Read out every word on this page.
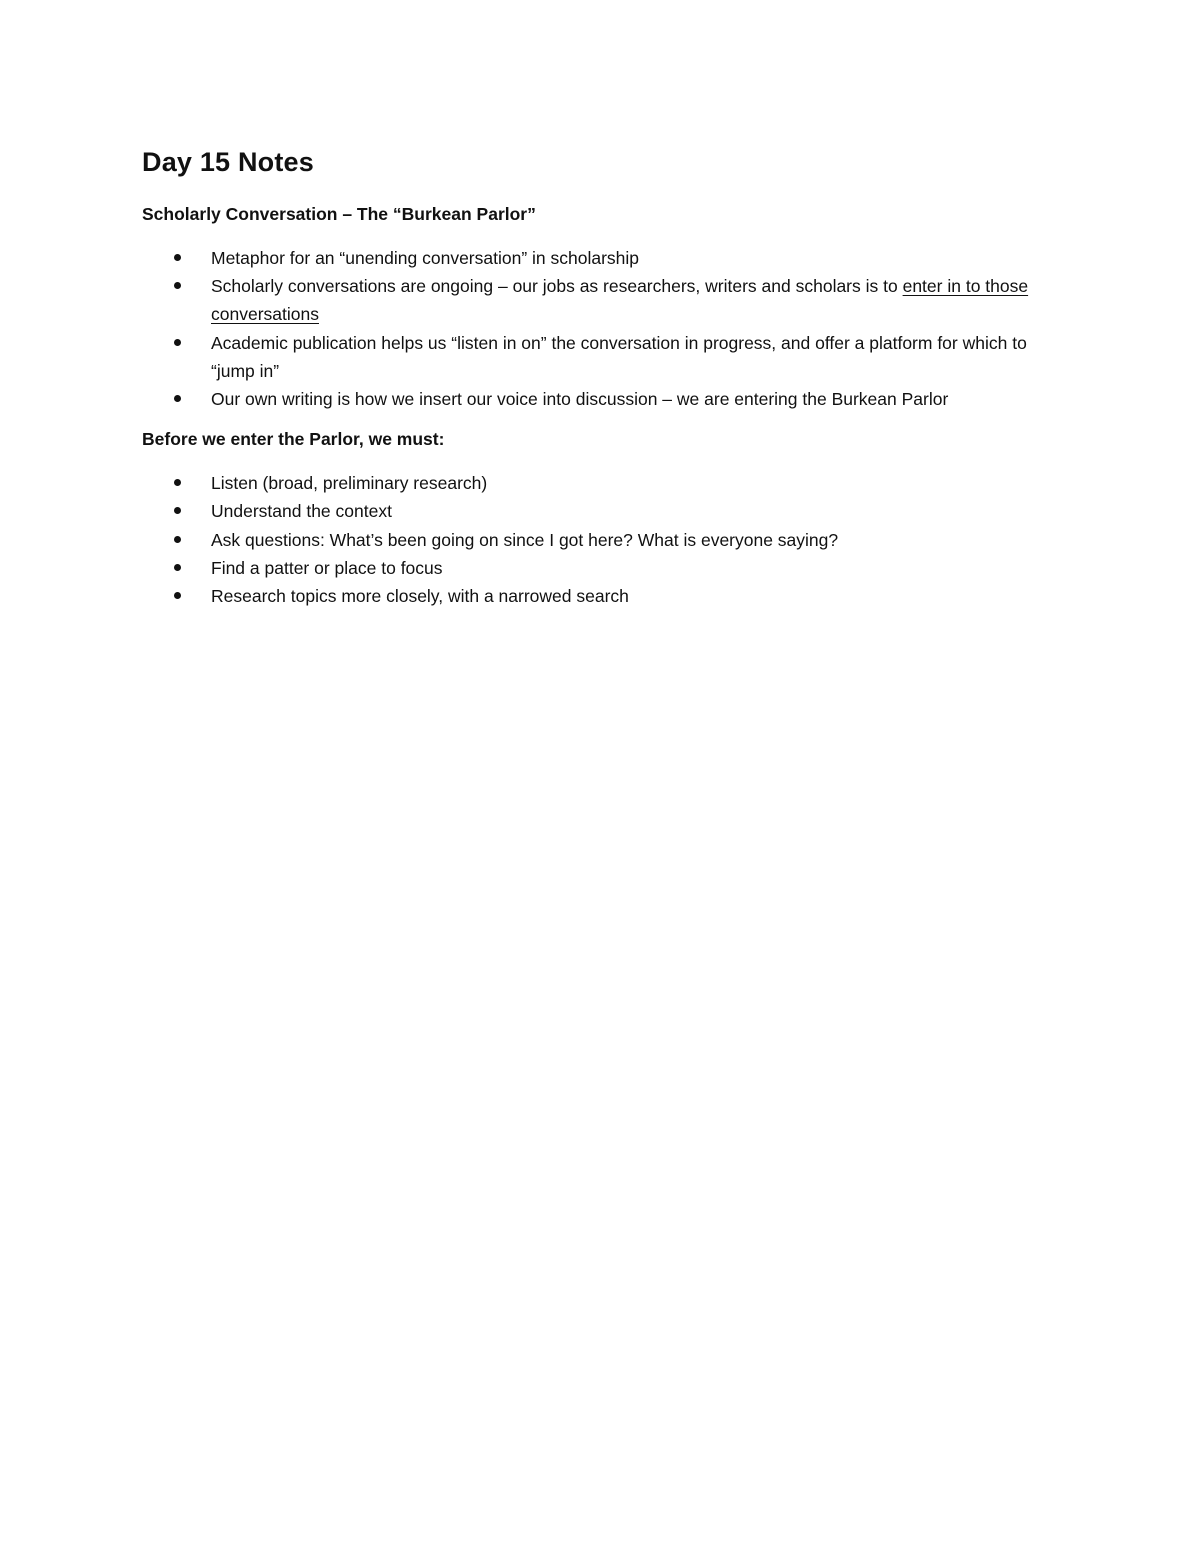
Day 15 Notes

Scholarly Conversation – The “Burkean Parlor”

Metaphor for an “unending conversation” in scholarship
Scholarly conversations are ongoing – our jobs as researchers, writers and scholars is to enter in to those conversations
Academic publication helps us “listen in on” the conversation in progress, and offer a platform for which to “jump in”
Our own writing is how we insert our voice into discussion – we are entering the Burkean Parlor

Before we enter the Parlor, we must:

Listen (broad, preliminary research)
Understand the context
Ask questions: What’s been going on since I got here? What is everyone saying?
Find a patter or place to focus
Research topics more closely, with a narrowed search
